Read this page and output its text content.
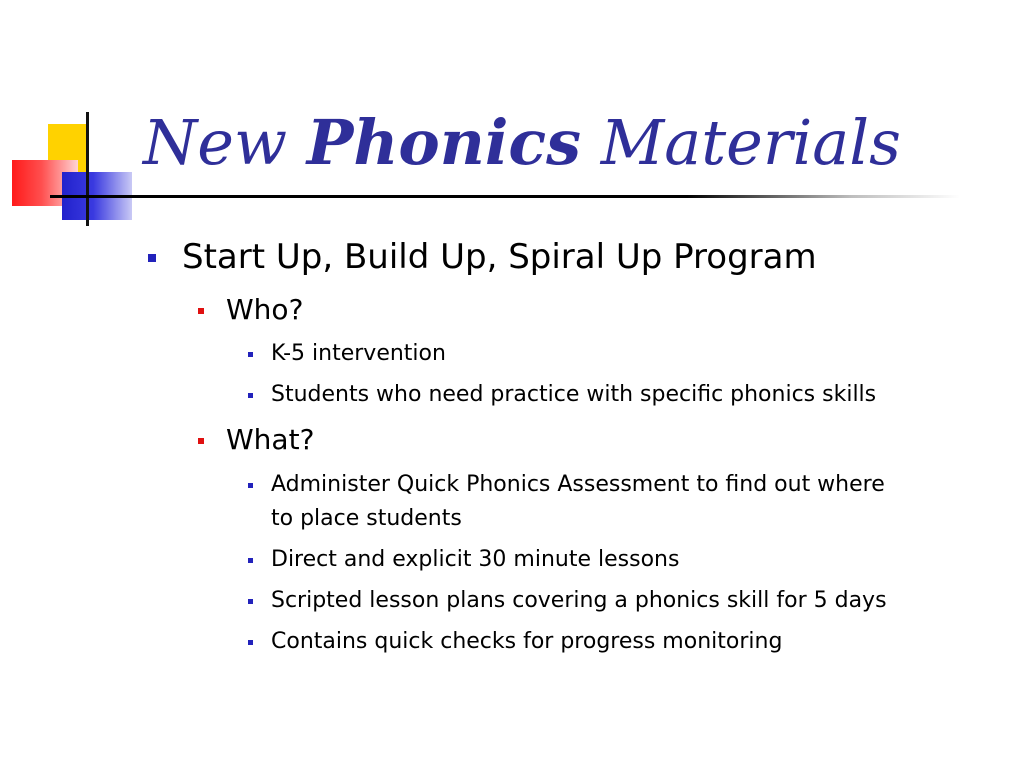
New Phonics Materials
Start Up, Build Up, Spiral Up Program
Who?
K-5 intervention
Students who need practice with specific phonics skills
What?
Administer Quick Phonics Assessment to find out where
to place students
Direct and explicit 30 minute lessons
Scripted lesson plans covering a phonics skill for 5 days
Contains quick checks for progress monitoring
